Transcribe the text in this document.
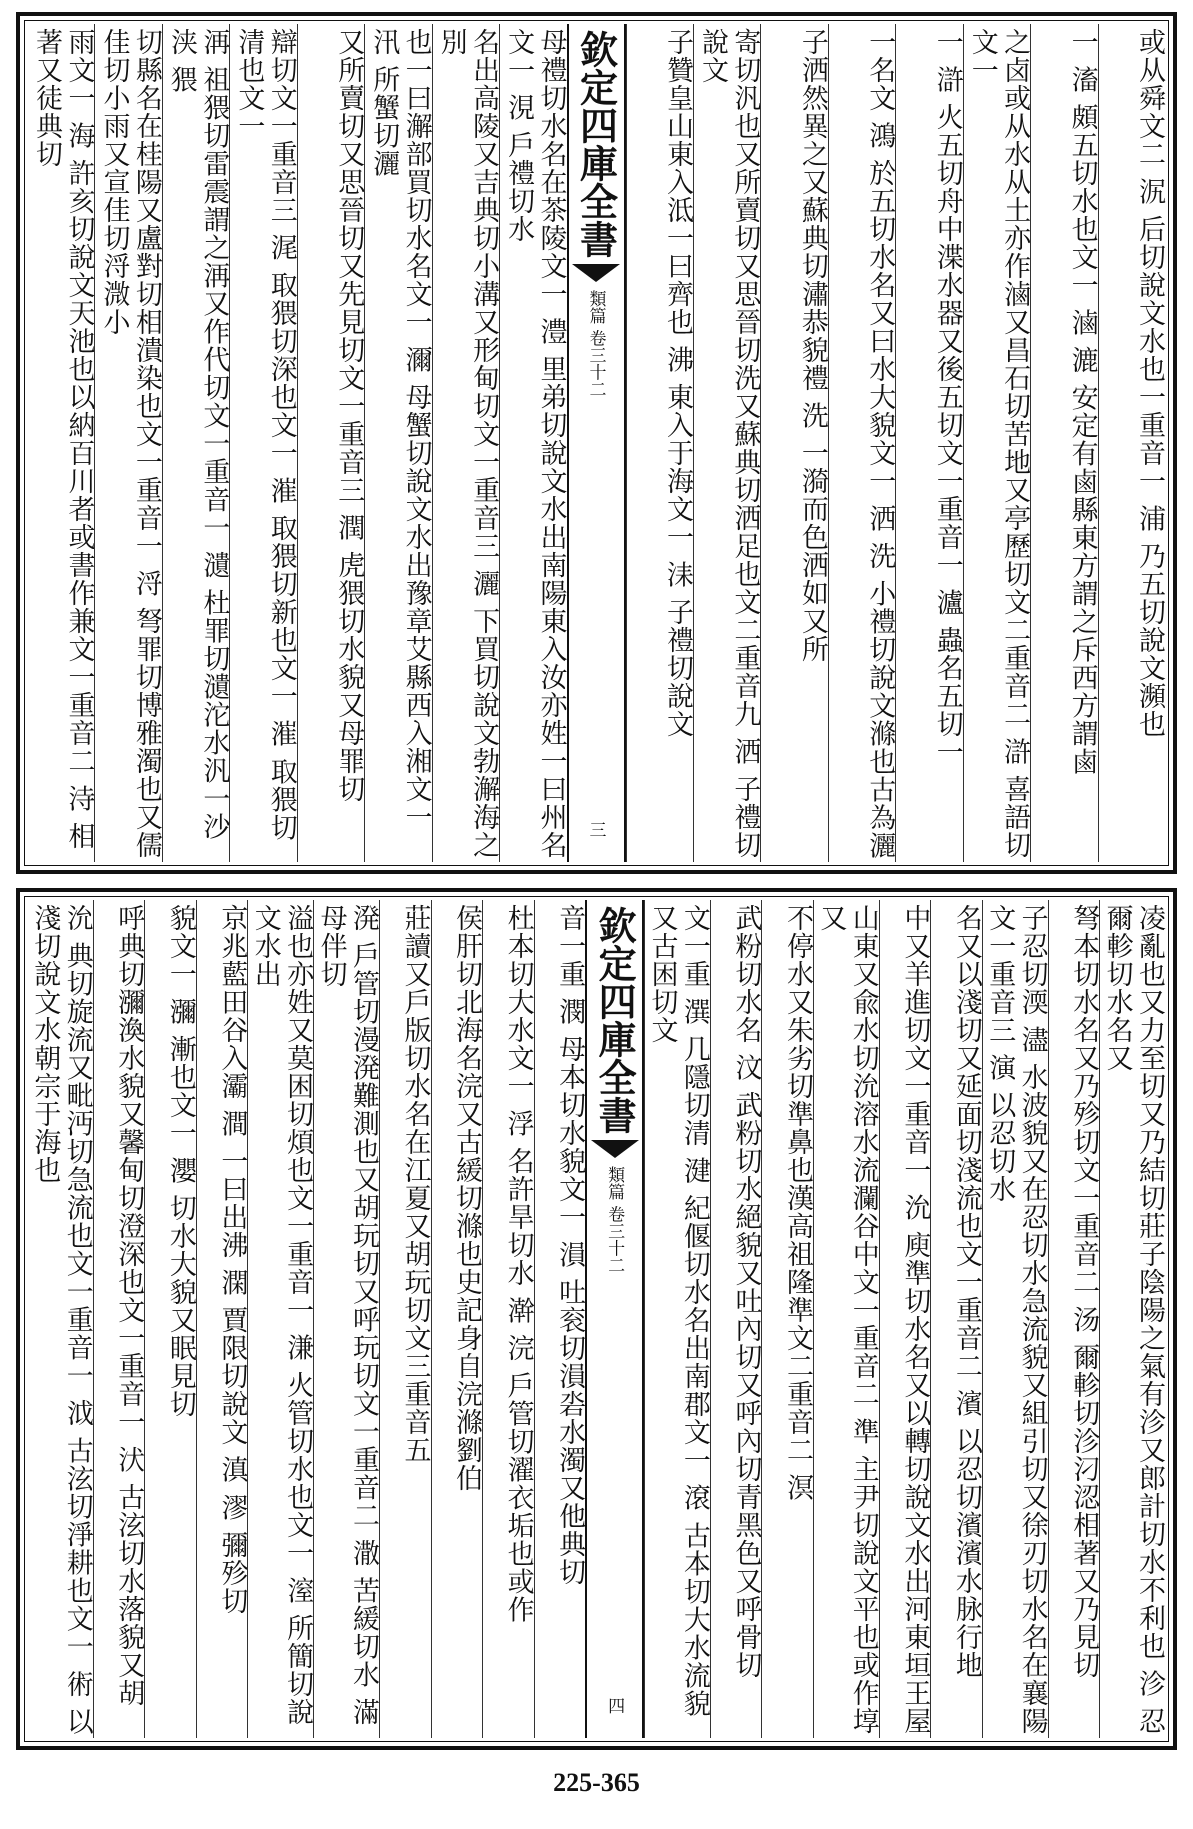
或从舜文二 泦 后切說文水也一重音一 浦 乃五切說文瀕也
一 滀 頗五切水也文一 滷 漉 安定有鹵縣東方謂之斥西方謂鹵
之卤或从水从土亦作滷又昌石切苦地又亭歷切文二重音二 滸 喜語切文一
一 滸 火五切舟中渫水器又後五切文一重音一 瀘 蟲名五切一
一名文 鴻 於五切水名又曰水大貌文一 洒 洗 小禮切說文滌也古為灑
子洒然異之又蘇典切潚恭貌禮 洗 一漪而色洒如又所
寄切汎也又所賣切又思晉切洗又蘇典切洒足也文二重音九 洒 子禮切說文
子贊皇山東入泜一曰齊也 沸 東入于海文一 洡 子禮切說文
欽定四庫全書
類篇 卷三十二
三
母禮切水名在茶陵文一 澧 里弟切說文水出南陽東入汝亦姓一曰州名文一 涀 戶禮切水
名出高陵又吉典切小溝又形甸切文一重音三 灑 下買切說文勃澥海之別
也一曰澥部買切水名文一 濔 母蟹切說文水出豫章艾縣西入湘文一 汛 所蟹切灑
又所賣切又思晉切又先見切文一重音三 潤 虎猥切水貌又母罪切
辯切文一重音三 浘 取猥切深也文一 漼 取猥切新也文一 漼 取猥切清也文一
洅 祖猥切雷震謂之洅又作代切文一重音一 瀢 杜罪切瀢沱水汎一沙 浃 猥
切縣名在桂陽又盧對切相潰染也文一重音一 浖 弩罪切博雅濁也又儒佳切小雨又宣佳切浖溦小
雨文一 海 許亥切說文天池也以納百川者或書作兼文一重音二 洔 相著又徒典切
凌亂也又力至切又乃結切莊子陰陽之氣有沴又郎計切水不利也 沴 忍 爾軫切水名又
弩本切水名又乃殄切文一重音二 汤 爾軫切沴汈涊相著又乃見切
子忍切渜 濜 水波貌又在忍切水急流貌又組引切又徐刃切水名在襄陽文一重音三 演 以忍切水
名又以淺切又延面切淺流也文一重音二 濱 以忍切濱濱水脉行地
中又羊進切文一重音一 沇 庾準切水名又以轉切說文水出河東垣王屋
山東又兪水切沇溶水流瀾谷中文一重音二 準 主尹切說文平也或作埻又
不停水又朱劣切準鼻也漢高祖隆準文二重音二 溟
武粉切水名 汶 武粉切水絕貌又吐內切又呼內切青黑色又呼骨切
文一重 潠 几隱切清 湕 紀偃切水名出南郡文一 滾 古本切大水流貌又古困切文
欽定四庫全書
類篇 卷三十二
四
音一重 潣 母本切水貌文一 溳 吐衮切溳沯水濁又他典切
杜本切大水文一 浮 名許旱切水 澣 浣 戶管切濯衣垢也或作
侯肝切北海名浣又古緩切滌也史記身自浣滌劉伯
莊讀又戶版切水名在江夏又胡玩切文三重音五
溌 戶管切漫溌難測也又胡玩切又呼玩切文一重音二 潵 苦緩切水 滿 母伴切
溢也亦姓又莫困切煩也文一重音一 溓 火管切水也文一 潌 所簡切說文水出
京兆藍田谷入灞 澗 一曰出沸 澖 賈限切說文 滇 漻 彌殄切
貌文一 瀰 漸也文一 瀴 切水大貌又眠見切
呼典切瀰渙水貌又馨甸切澄深也文一重音一 汱 古泫切水落貌又胡
沇 典切旋流又毗沔切急流也文一重音一 泧 古泫切淨耕也文一 術 以淺切說文水朝宗于海也
225-365
